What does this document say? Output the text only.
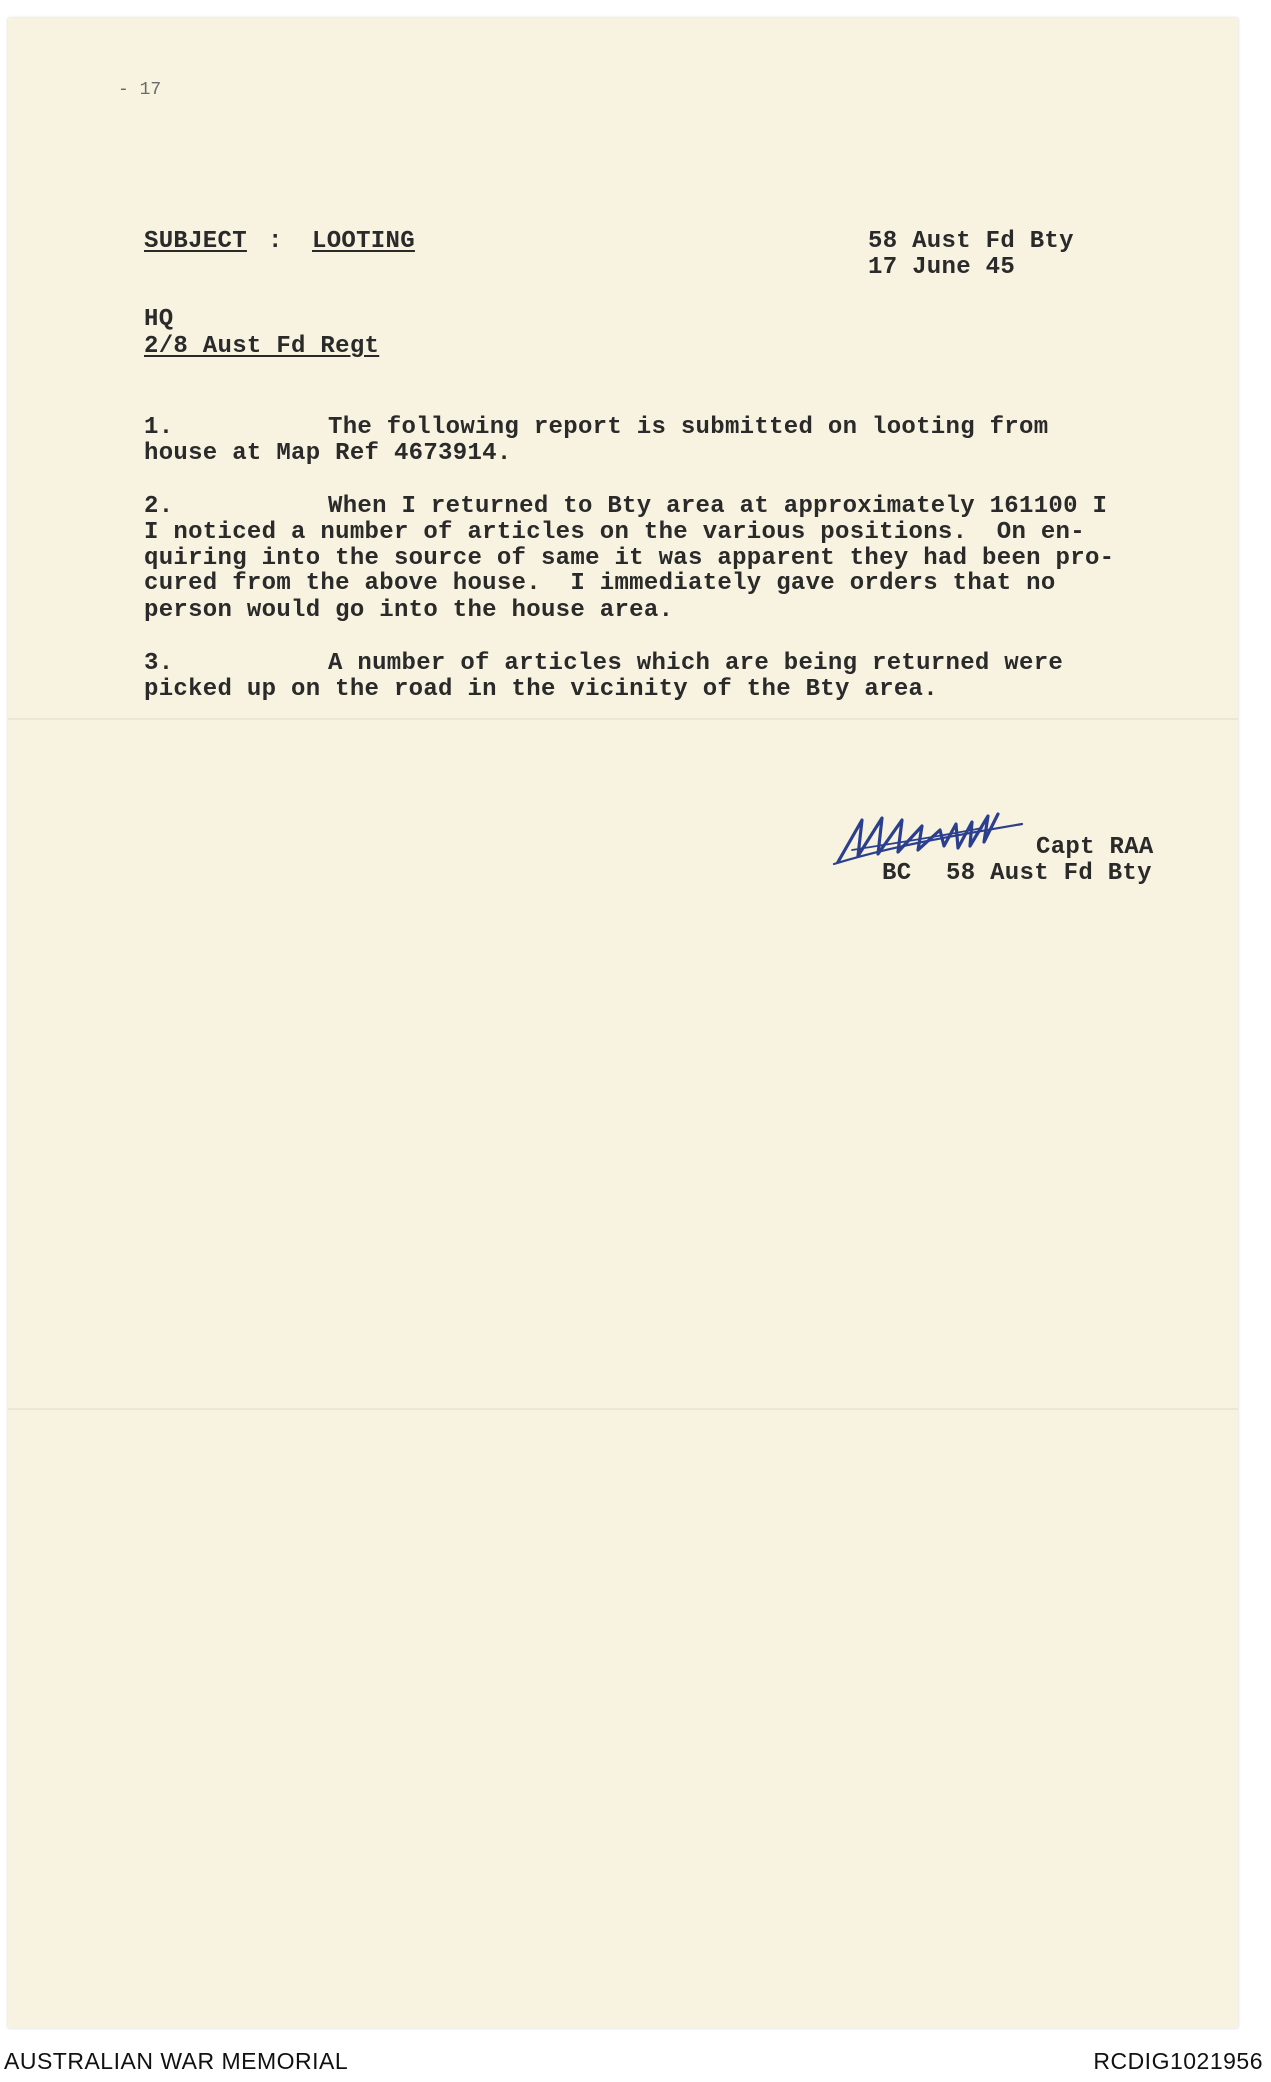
- 17
SUBJECT : LOOTING	58 Aust Fd Bty
17 June 45
HQ
2/8 Aust Fd Regt
1.	The following report is submitted on looting from
house at Map Ref 4673914.
2.	When I returned to Bty area at approximately 161100 I
I noticed a number of articles on the various positions.  On en-
quiring into the source of same it was apparent they had been pro-
cured from the above house.  I immediately gave orders that no
person would go into the house area.
3.	A number of articles which are being returned were
picked up on the road in the vicinity of the Bty area.
Capt RAA
BC 58 Aust Fd Bty
AUSTRALIAN WAR MEMORIAL	RCDIG1021956
